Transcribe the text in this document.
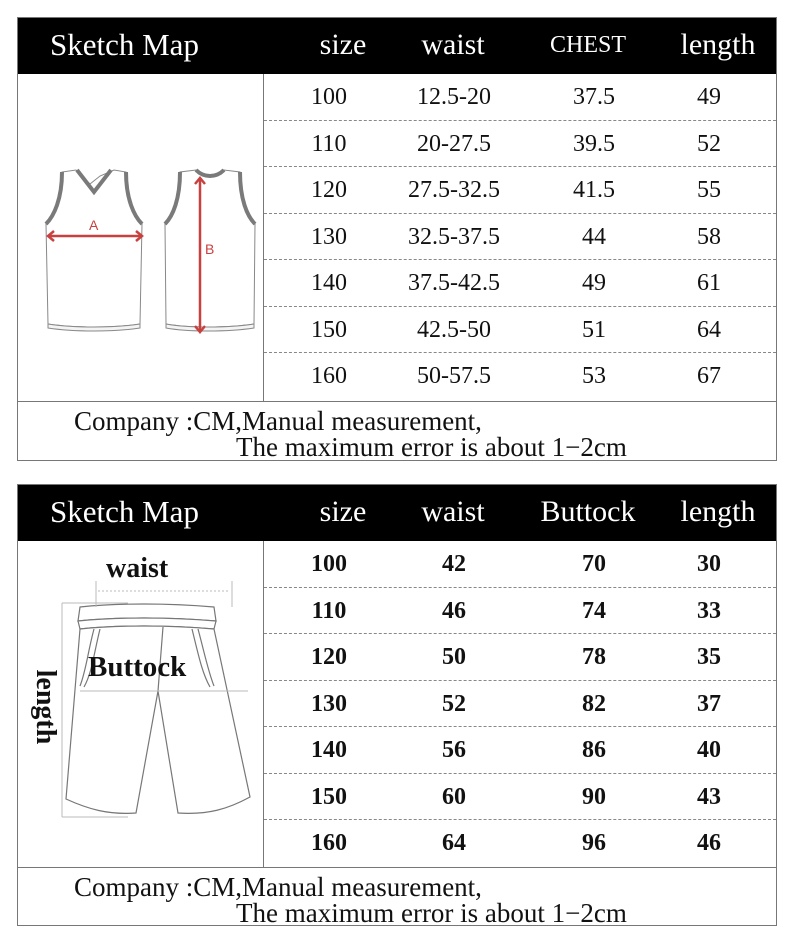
Sketch Map	size	waist	CHEST	length
A
B
100	12.5-20	37.5	49
110	20-27.5	39.5	52
120	27.5-32.5	41.5	55
130	32.5-37.5	44	58
140	37.5-42.5	49	61
150	42.5-50	51	64
160	50-57.5	53	67
Company :CM,Manual measurement,
The maximum error is about 1−2cm
Sketch Map	size	waist	Buttock	length
waist
Buttock
length
100	42	70	30
110	46	74	33
120	50	78	35
130	52	82	37
140	56	86	40
150	60	90	43
160	64	96	46
Company :CM,Manual measurement,
The maximum error is about 1−2cm
